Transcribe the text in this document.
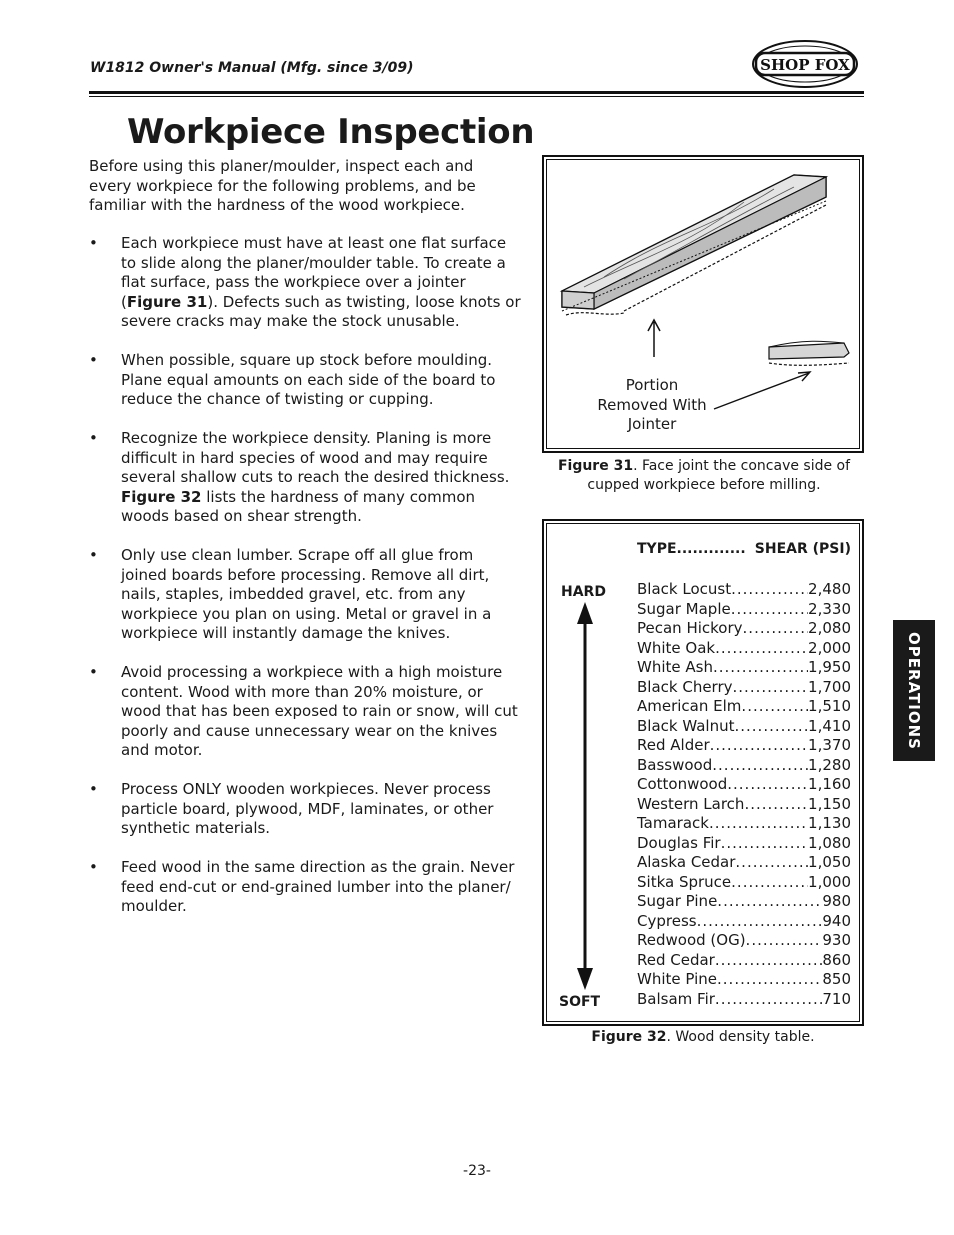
W1812 Owner's Manual (Mfg. since 3/09)	SHOP FOX
Workpiece Inspection
Before using this planer/moulder, inspect each and every workpiece for the following problems, and be familiar with the hardness of the wood workpiece.
• Each workpiece must have at least one flat surface to slide along the planer/moulder table. To create a flat surface, pass the workpiece over a jointer (Figure 31). Defects such as twisting, loose knots or severe cracks may make the stock unusable.
• When possible, square up stock before moulding. Plane equal amounts on each side of the board to reduce the chance of twisting or cupping.
• Recognize the workpiece density. Planing is more difficult in hard species of wood and may require several shallow cuts to reach the desired thickness. Figure 32 lists the hardness of many common woods based on shear strength.
• Only use clean lumber. Scrape off all glue from joined boards before processing. Remove all dirt, nails, staples, imbedded gravel, etc. from any workpiece you plan on using. Metal or gravel in a workpiece will instantly damage the knives.
• Avoid processing a workpiece with a high moisture content. Wood with more than 20% moisture, or wood that has been exposed to rain or snow, will cut poorly and cause unnecessary wear on the knives and motor.
• Process ONLY wooden workpieces. Never process particle board, plywood, MDF, laminates, or other synthetic materials.
• Feed wood in the same direction as the grain. Never feed end-cut or end-grained lumber into the planer/ moulder.
Portion
Removed With
Jointer
Figure 31. Face joint the concave side of cupped workpiece before milling.
TYPE ............. SHEAR (PSI)
HARD
SOFT
Black Locust .....	2,480
Sugar Maple .....	2,330
Pecan Hickory .....	2,080
White Oak .....	2,000
White Ash .....	1,950
Black Cherry .....	1,700
American Elm .....	1,510
Black Walnut .....	1,410
Red Alder .....	1,370
Basswood .....	1,280
Cottonwood .....	1,160
Western Larch .....	1,150
Tamarack .....	1,130
Douglas Fir .....	1,080
Alaska Cedar .....	1,050
Sitka Spruce .....	1,000
Sugar Pine .....	980
Cypress .....	940
Redwood (OG) .....	930
Red Cedar .....	860
White Pine .....	850
Balsam Fir .....	710
Figure 32. Wood density table.
OPERATIONS
-23-
